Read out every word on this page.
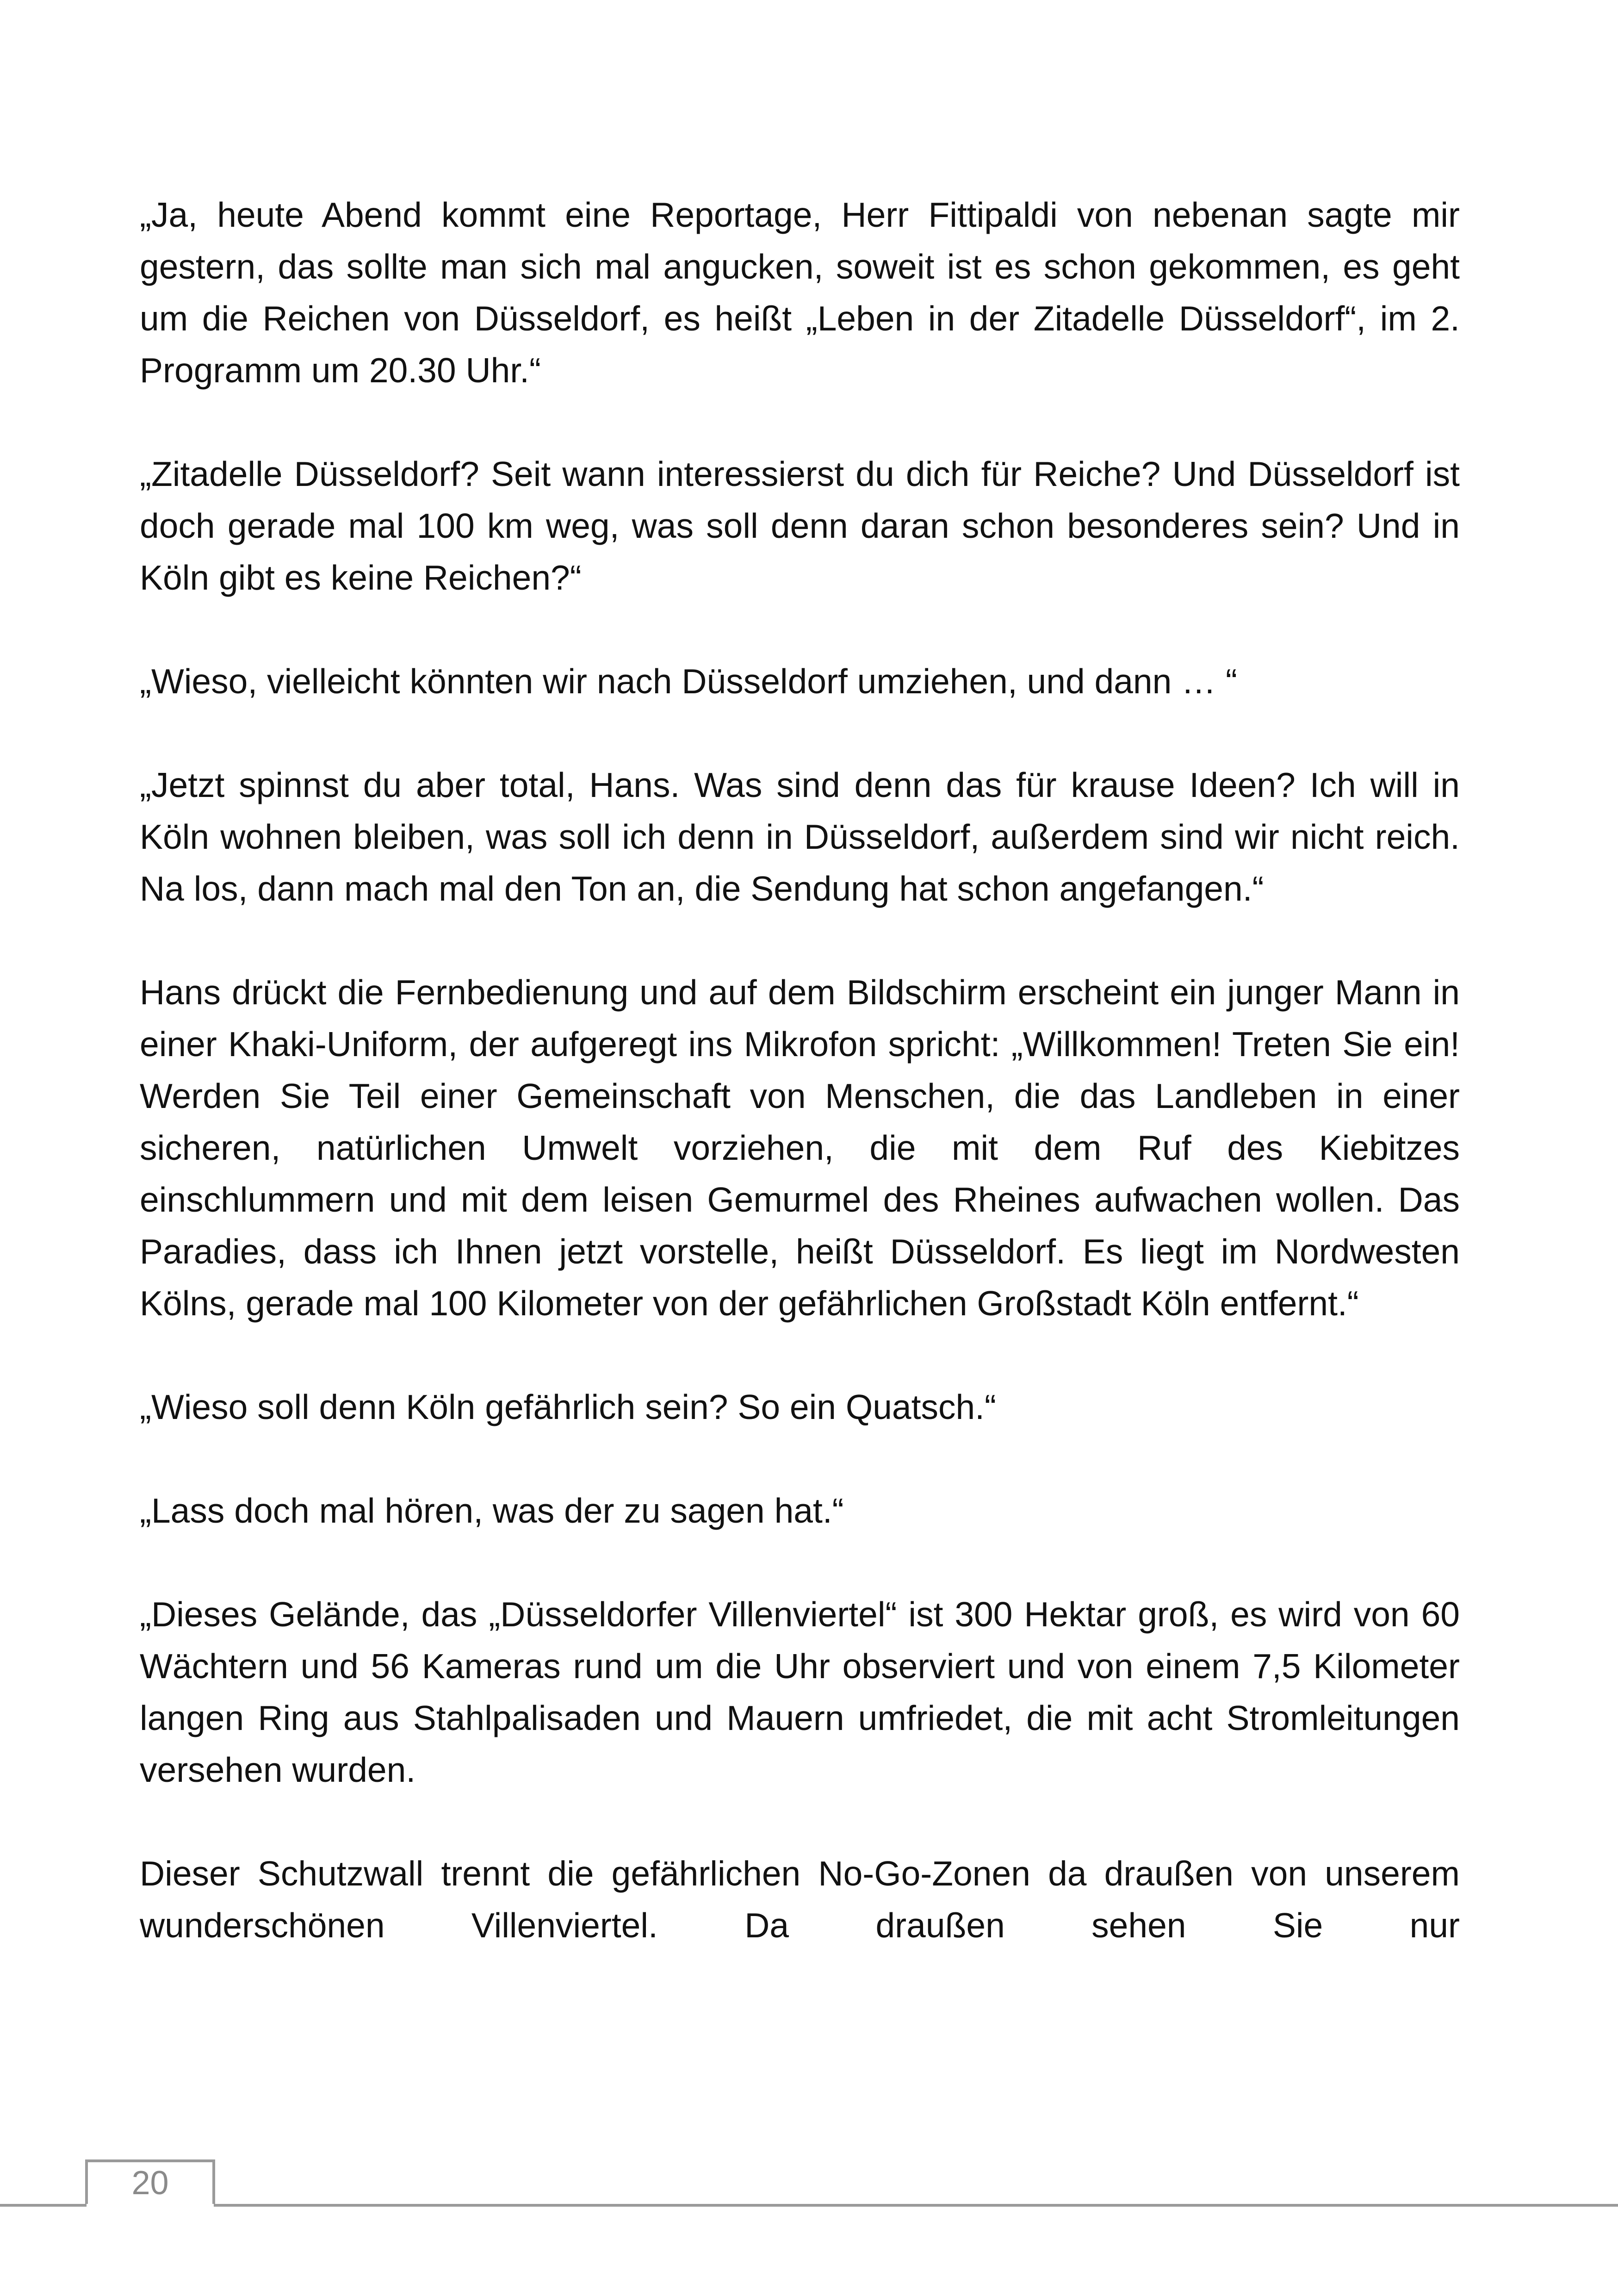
„Ja, heute Abend kommt eine Reportage, Herr Fittipaldi von nebenan sagte mir gestern, das sollte man sich mal angucken, soweit ist es schon gekommen, es geht um die Reichen von Düsseldorf, es heißt „Leben in der Zitadelle Düsseldorf“, im 2. Programm um 20.30 Uhr.“

„Zitadelle Düsseldorf? Seit wann interessierst du dich für Reiche? Und Düsseldorf ist doch gerade mal 100 km weg, was soll denn daran schon besonderes sein? Und in Köln gibt es keine Reichen?“

„Wieso, vielleicht könnten wir nach Düsseldorf umziehen, und dann … “

„Jetzt spinnst du aber total, Hans. Was sind denn das für krause Ideen? Ich will in Köln wohnen bleiben, was soll ich denn in Düsseldorf, außerdem sind wir nicht reich. Na los, dann mach mal den Ton an, die Sendung hat schon angefangen.“

Hans drückt die Fernbedienung und auf dem Bildschirm erscheint ein junger Mann in einer Khaki-Uniform, der aufgeregt ins Mikrofon spricht: „Willkommen! Treten Sie ein! Werden Sie Teil einer Gemeinschaft von Menschen, die das Landleben in einer sicheren, natürlichen Umwelt vorziehen, die mit dem Ruf des Kiebitzes einschlummern und mit dem leisen Gemurmel des Rheines aufwachen wollen. Das Paradies, dass ich Ihnen jetzt vorstelle, heißt Düsseldorf. Es liegt im Nordwesten Kölns, gerade mal 100 Kilometer von der gefährlichen Großstadt Köln entfernt.“

„Wieso soll denn Köln gefährlich sein? So ein Quatsch.“

„Lass doch mal hören, was der zu sagen hat.“

„Dieses Gelände, das „Düsseldorfer Villenviertel“ ist 300 Hektar groß, es wird von 60 Wächtern und 56 Kameras rund um die Uhr observiert und von einem 7,5 Kilometer langen Ring aus Stahlpalisaden und Mauern umfriedet, die mit acht Stromleitungen versehen wurden.

Dieser Schutzwall trennt die gefährlichen No-Go-Zonen da draußen von unserem wunderschönen Villenviertel. Da draußen sehen Sie nur

20
